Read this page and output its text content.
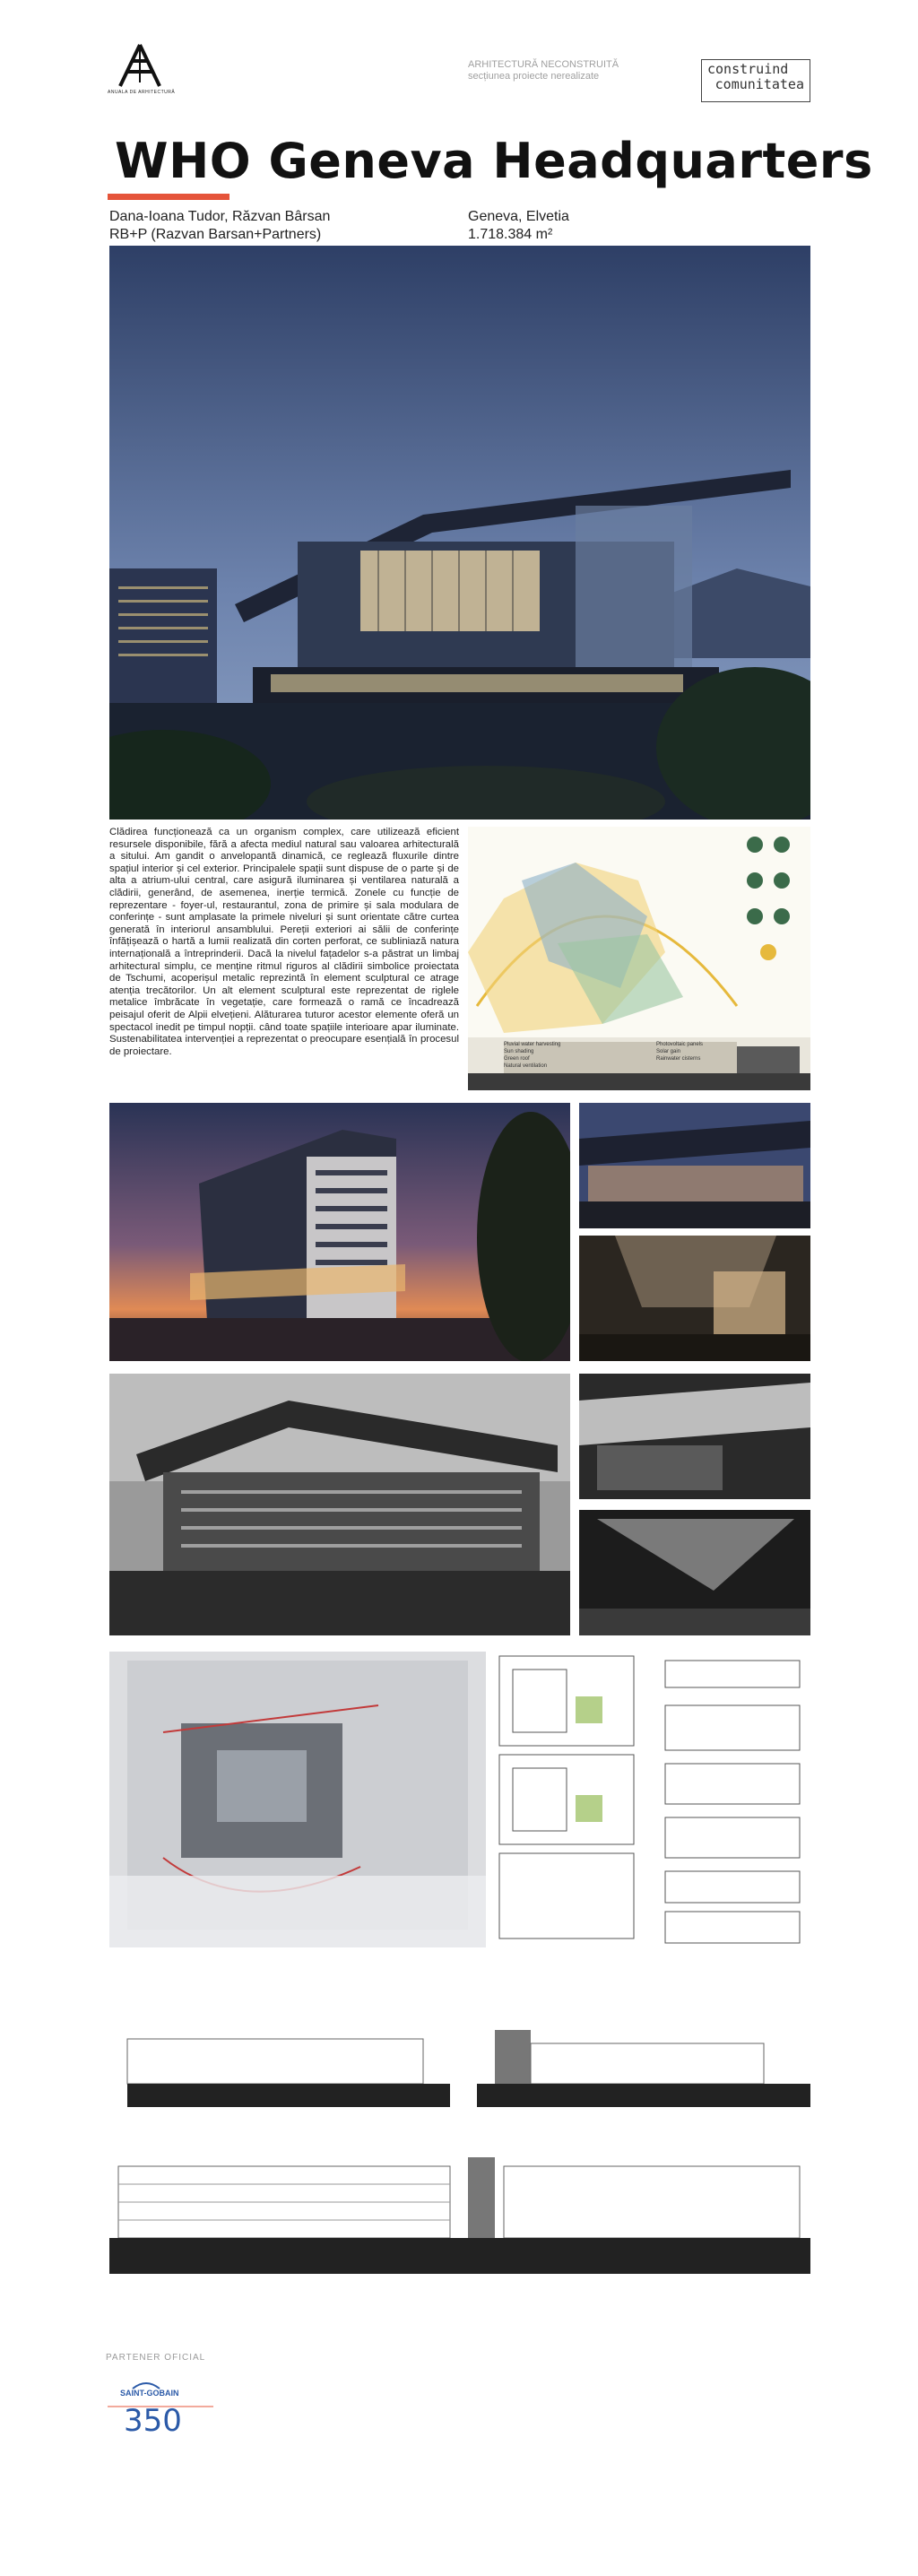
ANUALA DE ARHITECTURĂ
ARHITECTURĂ NECONSTRUITĂ
secțiunea proiecte nerealizate	construind
comunitatea
WHO Geneva Headquarters
Dana-Ioana Tudor, Răzvan Bârsan
RB+P (Razvan Barsan+Partners)
Geneva, Elvetia
1.718.384 m²
Clădirea funcționează ca un organism complex, care utilizează eficient resursele disponibile, fără a afecta mediul natural sau valoarea arhitecturală a sitului. Am gandit o anvelopantă dinamică, ce reglează fluxurile dintre spațiul interior și cel exterior. Principalele spații sunt dispuse de o parte și de alta a atrium-ului central, care asigură iluminarea și ventilarea naturală a clădirii, generând, de asemenea, inerție termică. Zonele cu funcție de reprezentare - foyer-ul, restaurantul, zona de primire și sala modulara de conferințe - sunt amplasate la primele niveluri și sunt orientate către curtea generată în interiorul ansamblului. Pereții exteriori ai sălii de conferințe înfățișează o hartă a lumii realizată din corten perforat, ce subliniază natura internațională a întreprinderii. Dacă la nivelul fațadelor s-a păstrat un limbaj arhitectural simplu, ce menține ritmul riguros al clădirii simbolice proiectata de Tschumi, acoperișul metalic reprezintă în element sculptural ce atrage atenția trecătorilor. Un alt element sculptural este reprezentat de riglele metalice îmbrăcate în vegetație, care formează o ramă ce încadrează peisajul oferit de Alpii elvețieni. Alăturarea tuturor acestor elemente oferă un spectacol inedit pe timpul nopții. când toate spațiile interioare apar iluminate. Sustenabilitatea intervenției a reprezentat o preocupare esențială în procesul de proiectare.
Pluvial water harvesting
Sun shading
Green roof
Natural ventilation
Photovoltaic panels
Solar gain
Rainwater cisterns
PARTENER OFICIAL
SAINT-GOBAIN
350
